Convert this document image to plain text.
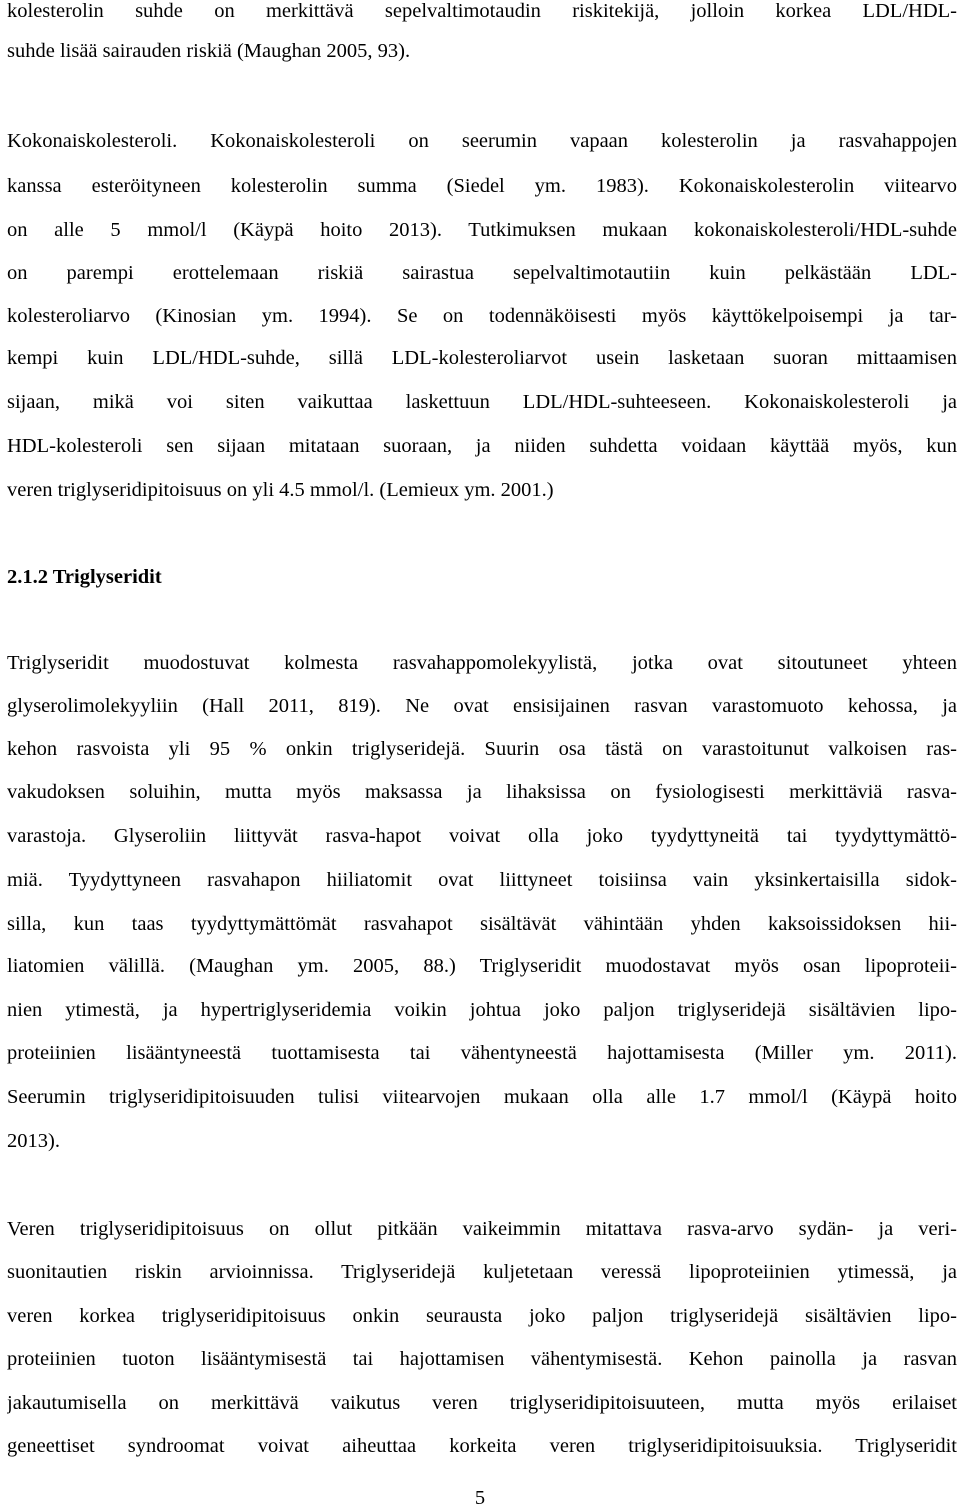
kolesterolin suhde on merkittävä sepelvaltimotaudin riskitekijä, jolloin korkea LDL/HDL-
suhde lisää sairauden riskiä (Maughan 2005, 93).
Kokonaiskolesteroli. Kokonaiskolesteroli on seerumin vapaan kolesterolin ja rasvahappojen
kanssa esteröityneen kolesterolin summa (Siedel ym. 1983). Kokonaiskolesterolin viitearvo
on alle 5 mmol/l (Käypä hoito 2013). Tutkimuksen mukaan kokonaiskolesteroli/HDL-suhde
on parempi erottelemaan riskiä sairastua sepelvaltimotautiin kuin pelkästään LDL-
kolesteroliarvo (Kinosian ym. 1994). Se on todennäköisesti myös käyttökelpoisempi ja tar-
kempi kuin LDL/HDL-suhde, sillä LDL-kolesteroliarvot usein lasketaan suoran mittaamisen
sijaan, mikä voi siten vaikuttaa laskettuun LDL/HDL-suhteeseen. Kokonaiskolesteroli ja
HDL-kolesteroli sen sijaan mitataan suoraan, ja niiden suhdetta voidaan käyttää myös, kun
veren triglyseridipitoisuus on yli 4.5 mmol/l. (Lemieux ym. 2001.)
2.1.2 Triglyseridit
Triglyseridit muodostuvat kolmesta rasvahappomolekyylistä, jotka ovat sitoutuneet yhteen
glyserolimolekyyliin (Hall 2011, 819). Ne ovat ensisijainen rasvan varastomuoto kehossa, ja
kehon rasvoista yli 95 % onkin triglyseridejä. Suurin osa tästä on varastoitunut valkoisen ras-
vakudoksen soluihin, mutta myös maksassa ja lihaksissa on fysiologisesti merkittäviä rasva-
varastoja. Glyseroliin liittyvät rasva-hapot voivat olla joko tyydyttyneitä tai tyydyttymättö-
miä. Tyydyttyneen rasvahapon hiiliatomit ovat liittyneet toisiinsa vain yksinkertaisilla sidok-
silla, kun taas tyydyttymättömät rasvahapot sisältävät vähintään yhden kaksoissidoksen hii-
liatomien välillä. (Maughan ym. 2005, 88.) Triglyseridit muodostavat myös osan lipoproteii-
nien ytimestä, ja hypertriglyseridemia voikin johtua joko paljon triglyseridejä sisältävien lipo-
proteiinien lisääntyneestä tuottamisesta tai vähentyneestä hajottamisesta (Miller ym. 2011).
Seerumin triglyseridipitoisuuden tulisi viitearvojen mukaan olla alle 1.7 mmol/l (Käypä hoito
2013).
Veren triglyseridipitoisuus on ollut pitkään vaikeimmin mitattava rasva-arvo sydän- ja veri-
suonitautien riskin arvioinnissa. Triglyseridejä kuljetetaan veressä lipoproteiinien ytimessä, ja
veren korkea triglyseridipitoisuus onkin seurausta joko paljon triglyseridejä sisältävien lipo-
proteiinien tuoton lisääntymisestä tai hajottamisen vähentymisestä. Kehon painolla ja rasvan
jakautumisella on merkittävä vaikutus veren triglyseridipitoisuuteen, mutta myös erilaiset
geneettiset syndroomat voivat aiheuttaa korkeita veren triglyseridipitoisuuksia. Triglyseridit
5
